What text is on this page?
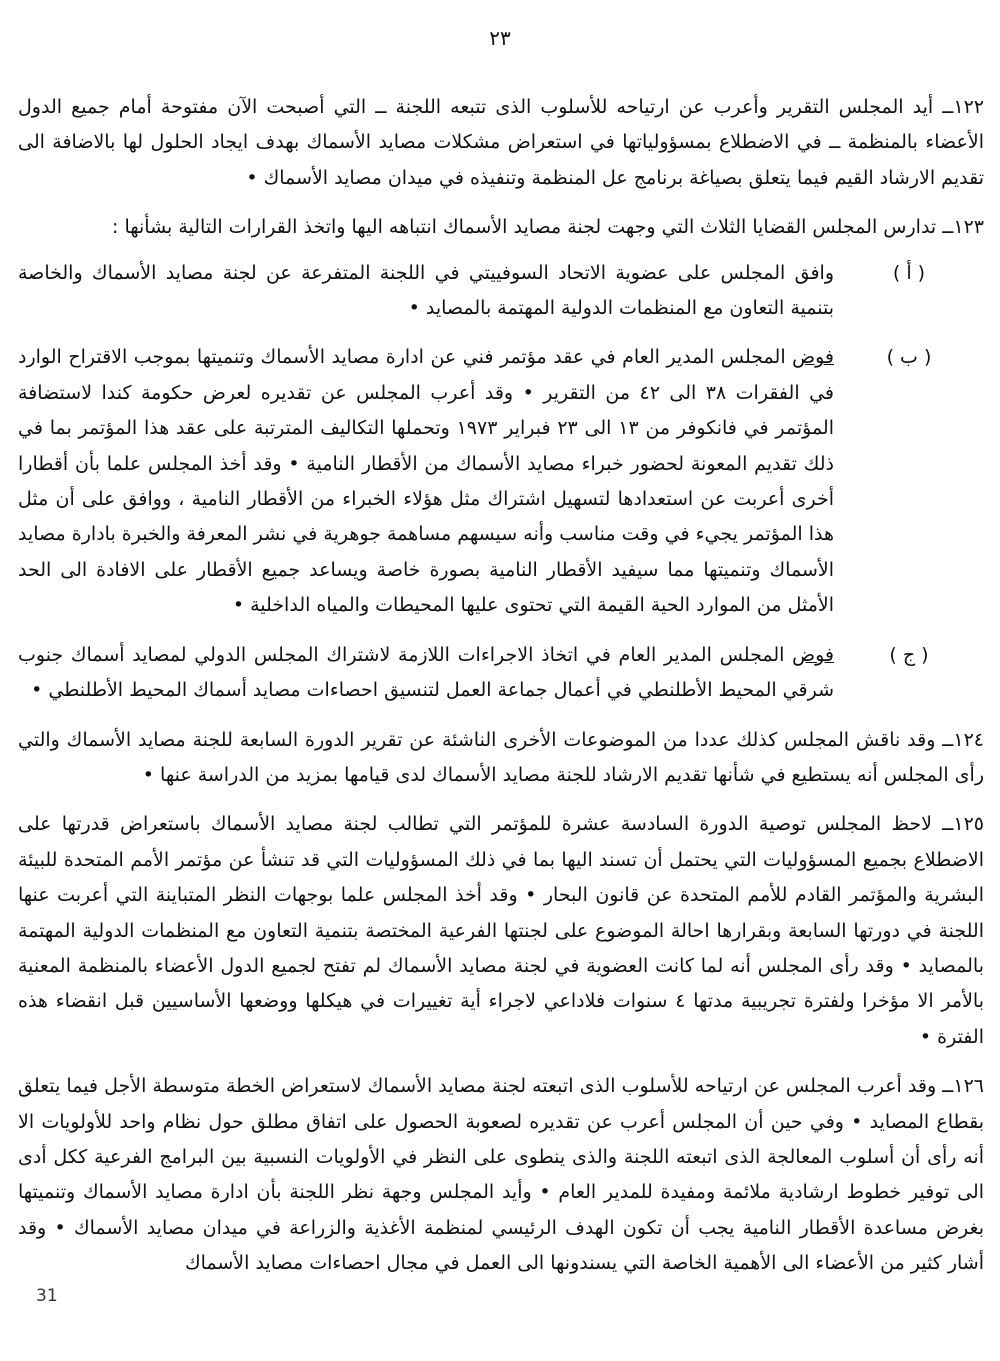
٢٣

١٢٢ــ أيد المجلس التقرير وأعرب عن ارتياحه للأسلوب الذى تتبعه اللجنة ــ التي أصبحت الآن مفتوحة أمام جميع الدول الأعضاء بالمنظمة ــ في الاضطلاع بمسؤولياتها في استعراض مشكلات مصايد الأسماك بهدف ايجاد الحلول لها بالاضافة الى تقديم الارشاد القيم فيما يتعلق بصياغة برنامج عل المنظمة وتنفيذه في ميدان مصايد الأسماك •

١٢٣ــ تدارس المجلس القضايا الثلاث التي وجهت لجنة مصايد الأسماك انتباهه اليها واتخذ القرارات التالية بشأنها :

( أ )
وافق المجلس على عضوية الاتحاد السوفييتي في اللجنة المتفرعة عن لجنة مصايد الأسماك والخاصة بتنمية التعاون مع المنظمات الدولية المهتمة بالمصايد •
( ب )
فوض المجلس المدير العام في عقد مؤتمر فني عن ادارة مصايد الأسماك وتنميتها بموجب الاقتراح الوارد في الفقرات ٣٨ الى ٤٢ من التقرير • وقد أعرب المجلس عن تقديره لعرض حكومة كندا لاستضافة المؤتمر في فانكوفر من ١٣ الى ٢٣ فبراير ١٩٧٣ وتحملها التكاليف المترتبة على عقد هذا المؤتمر بما في ذلك تقديم المعونة لحضور خبراء مصايد الأسماك من الأقطار النامية • وقد أخذ المجلس علما بأن أقطارا أخرى أعربت عن استعدادها لتسهيل اشتراك مثل هؤلاء الخبراء من الأقطار النامية ، ووافق على أن مثل هذا المؤتمر يجيء في وقت مناسب وأنه سيسهم مساهمة جوهرية في نشر المعرفة والخبرة بادارة مصايد الأسماك وتنميتها مما سيفيد الأقطار النامية بصورة خاصة ويساعد جميع الأقطار على الافادة الى الحد الأمثل من الموارد الحية القيمة التي تحتوى عليها المحيطات والمياه الداخلية •
( ج )
فوض المجلس المدير العام في اتخاذ الاجراءات اللازمة لاشتراك المجلس الدولي لمصايد أسماك جنوب شرقي المحيط الأطلنطي في أعمال جماعة العمل لتنسيق احصاءات مصايد أسماك المحيط الأطلنطي •

١٢٤ــ وقد ناقش المجلس كذلك عددا من الموضوعات الأخرى الناشئة عن تقرير الدورة السابعة للجنة مصايد الأسماك والتي رأى المجلس أنه يستطيع في شأنها تقديم الارشاد للجنة مصايد الأسماك لدى قيامها بمزيد من الدراسة عنها •

١٢٥ــ لاحظ المجلس توصية الدورة السادسة عشرة للمؤتمر التي تطالب لجنة مصايد الأسماك باستعراض قدرتها على الاضطلاع بجميع المسؤوليات التي يحتمل أن تسند اليها بما في ذلك المسؤوليات التي قد تنشأ عن مؤتمر الأمم المتحدة للبيئة البشرية والمؤتمر القادم للأمم المتحدة عن قانون البحار • وقد أخذ المجلس علما بوجهات النظر المتباينة التي أعربت عنها اللجنة في دورتها السابعة وبقرارها احالة الموضوع على لجنتها الفرعية المختصة بتنمية التعاون مع المنظمات الدولية المهتمة بالمصايد • وقد رأى المجلس أنه لما كانت العضوية في لجنة مصايد الأسماك لم تفتح لجميع الدول الأعضاء بالمنظمة المعنية بالأمر الا مؤخرا ولفترة تجريبية مدتها ٤ سنوات فلاداعي لاجراء أية تغييرات في هيكلها ووضعها الأساسيين قبل انقضاء هذه الفترة •

١٢٦ــ وقد أعرب المجلس عن ارتياحه للأسلوب الذى اتبعته لجنة مصايد الأسماك لاستعراض الخطة متوسطة الأجل فيما يتعلق بقطاع المصايد • وفي حين أن المجلس أعرب عن تقديره لصعوبة الحصول على اتفاق مطلق حول نظام واحد للأولويات الا أنه رأى أن أسلوب المعالجة الذى اتبعته اللجنة والذى ينطوى على النظر في الأولويات النسبية بين البرامج الفرعية ككل أدى الى توفير خطوط ارشادية ملائمة ومفيدة للمدير العام • وأيد المجلس وجهة نظر اللجنة بأن ادارة مصايد الأسماك وتنميتها بغرض مساعدة الأقطار النامية يجب أن تكون الهدف الرئيسي لمنظمة الأغذية والزراعة في ميدان مصايد الأسماك • وقد أشار كثير من الأعضاء الى الأهمية الخاصة التي يسندونها الى العمل في مجال احصاءات مصايد الأسماك

31
